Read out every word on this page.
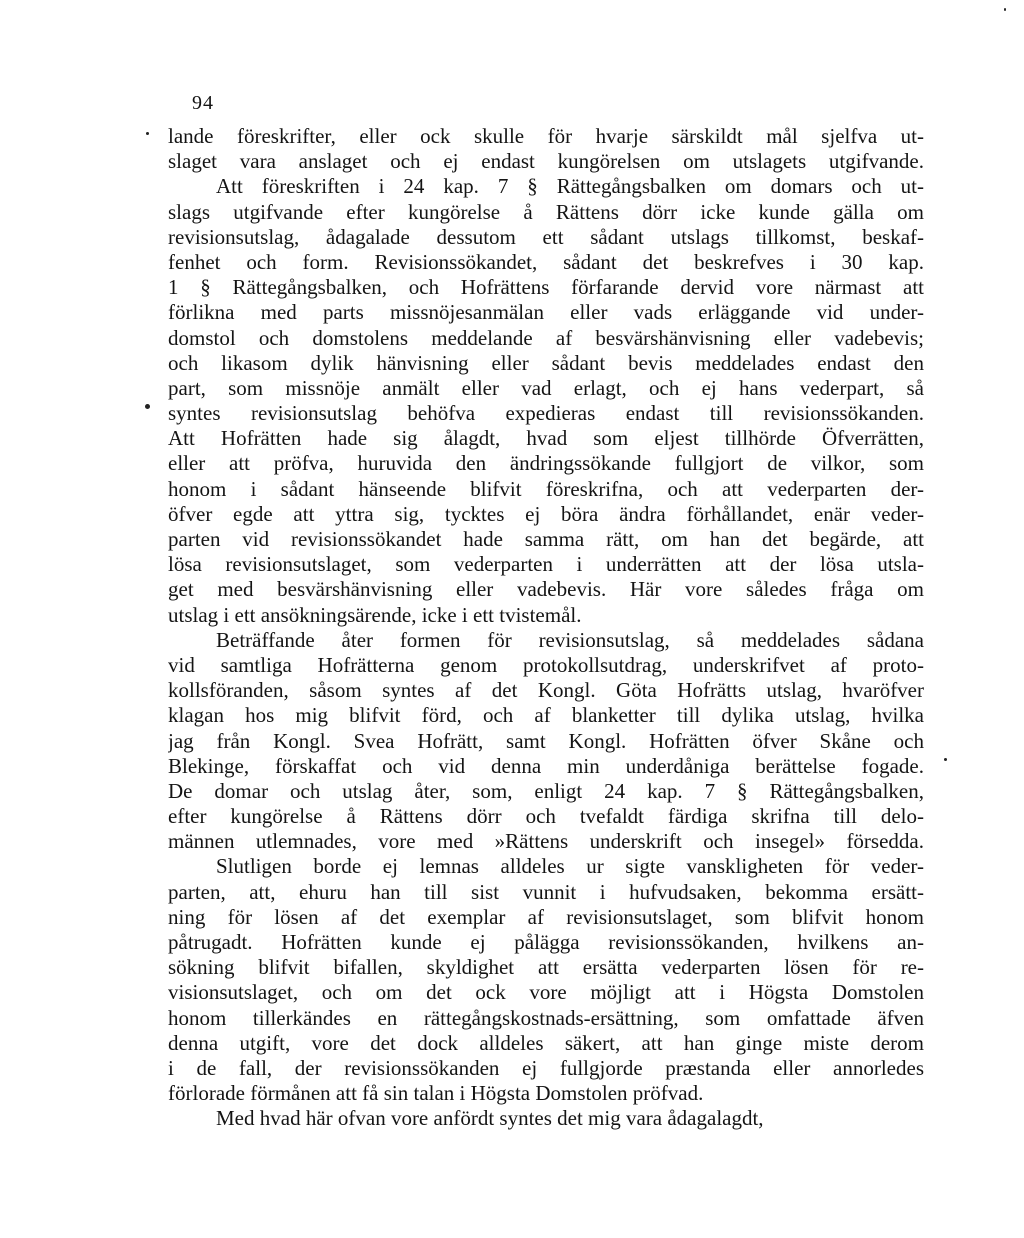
94
lande föreskrifter, eller ock skulle för hvarje särskildt mål sjelfva ut-
slaget vara anslaget och ej endast kungörelsen om utslagets utgifvande.
Att föreskriften i 24 kap. 7 § Rättegångsbalken om domars och ut-
slags utgifvande efter kungörelse å Rättens dörr icke kunde gälla om
revisionsutslag, ådagalade dessutom ett sådant utslags tillkomst, beskaf-
fenhet och form. Revisionssökandet, sådant det beskrefves i 30 kap.
1 § Rättegångsbalken, och Hofrättens förfarande dervid vore närmast att
förlikna med parts missnöjesanmälan eller vads erläggande vid under-
domstol och domstolens meddelande af besvärshänvisning eller vadebevis;
och likasom dylik hänvisning eller sådant bevis meddelades endast den
part, som missnöje anmält eller vad erlagt, och ej hans vederpart, så
syntes revisionsutslag behöfva expedieras endast till revisionssökanden.
Att Hofrätten hade sig ålagdt, hvad som eljest tillhörde Öfverrätten,
eller att pröfva, huruvida den ändringssökande fullgjort de vilkor, som
honom i sådant hänseende blifvit föreskrifna, och att vederparten der-
öfver egde att yttra sig, tycktes ej böra ändra förhållandet, enär veder-
parten vid revisionssökandet hade samma rätt, om han det begärde, att
lösa revisionsutslaget, som vederparten i underrätten att der lösa utsla-
get med besvärshänvisning eller vadebevis. Här vore således fråga om
utslag i ett ansökningsärende, icke i ett tvistemål.
Beträffande åter formen för revisionsutslag, så meddelades sådana
vid samtliga Hofrätterna genom protokollsutdrag, underskrifvet af proto-
kollsföranden, såsom syntes af det Kongl. Göta Hofrätts utslag, hvaröfver
klagan hos mig blifvit förd, och af blanketter till dylika utslag, hvilka
jag från Kongl. Svea Hofrätt, samt Kongl. Hofrätten öfver Skåne och
Blekinge, förskaffat och vid denna min underdåniga berättelse fogade.
De domar och utslag åter, som, enligt 24 kap. 7 § Rättegångsbalken,
efter kungörelse å Rättens dörr och tvefaldt färdiga skrifna till delo-
männen utlemnades, vore med »Rättens underskrift och insegel» försedda.
Slutligen borde ej lemnas alldeles ur sigte vanskligheten för veder-
parten, att, ehuru han till sist vunnit i hufvudsaken, bekomma ersätt-
ning för lösen af det exemplar af revisionsutslaget, som blifvit honom
påtrugadt. Hofrätten kunde ej pålägga revisionssökanden, hvilkens an-
sökning blifvit bifallen, skyldighet att ersätta vederparten lösen för re-
visionsutslaget, och om det ock vore möjligt att i Högsta Domstolen
honom tillerkändes en rättegångskostnads-ersättning, som omfattade äfven
denna utgift, vore det dock alldeles säkert, att han ginge miste derom
i de fall, der revisionssökanden ej fullgjorde præstanda eller annorledes
förlorade förmånen att få sin talan i Högsta Domstolen pröfvad.
Med hvad här ofvan vore anfördt syntes det mig vara ådagalagdt,
